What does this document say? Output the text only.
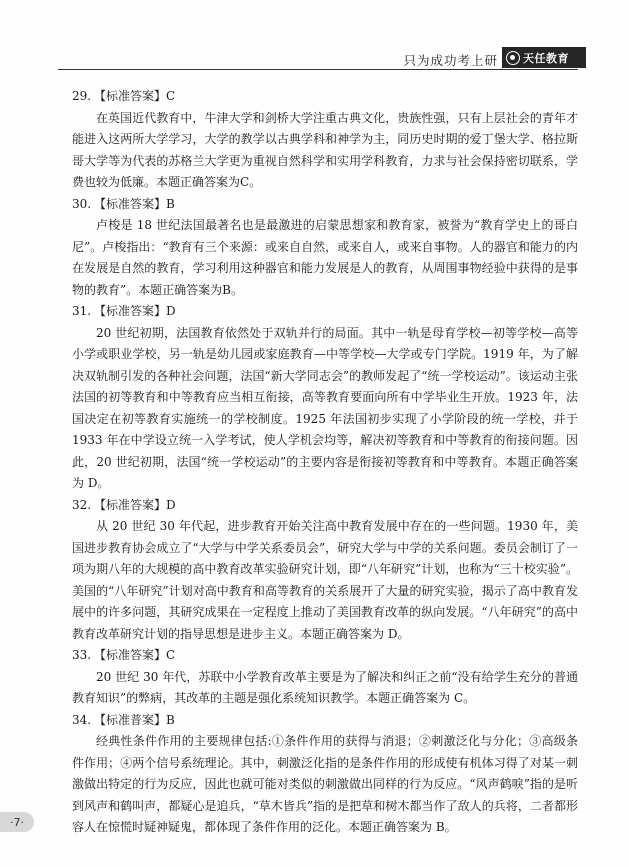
只为成功考上研 天任教育
29. 【标准答案】C

在英国近代教育中，牛津大学和剑桥大学注重古典文化，贵族性强，只有上层社会的青年才能进入这两所大学学习，大学的教学以古典学科和神学为主，同历史时期的爱丁堡大学、格拉斯哥大学等为代表的苏格兰大学更为重视自然科学和实用学科教育，力求与社会保持密切联系，学费也较为低廉。本题正确答案为C。

30. 【标准答案】B

卢梭是 18 世纪法国最著名也是最激进的启蒙思想家和教育家，被誉为“教育学史上的哥白尼”。卢梭指出：“教育有三个来源：或来自自然，或来自人，或来自事物。人的器官和能力的内在发展是自然的教育，学习利用这种器官和能力发展是人的教育，从周围事物经验中获得的是事物的教育”。本题正确答案为B。

31. 【标准答案】D

20 世纪初期，法国教育依然处于双轨并行的局面。其中一轨是母育学校—初等学校—高等小学或职业学校，另一轨是幼儿园或家庭教育—中等学校—大学或专门学院。1919 年，为了解决双轨制引发的各种社会问题，法国“新大学同志会”的教师发起了“统一学校运动”。该运动主张法国的初等教育和中等教育应当相互衔接，高等教育要面向所有中学毕业生开放。1923 年，法国决定在初等教育实施统一的学校制度。1925 年法国初步实现了小学阶段的统一学校，并于 1933 年在中学设立统一入学考试，使人学机会均等，解决初等教育和中等教育的衔接问题。因此，20 世纪初期，法国“统一学校运动”的主要内容是衔接初等教育和中等教育。本题正确答案为 D。

32. 【标准答案】D

从 20 世纪 30 年代起，进步教育开始关注高中教育发展中存在的一些问题。1930 年，美国进步教育协会成立了“大学与中学关系委员会”，研究大学与中学的关系问题。委员会制订了一项为期八年的大规模的高中教育改革实验研究计划，即“八年研究”计划，也称为“三十校实验”。美国的“八年研究”计划对高中教育和高等教育的关系展开了大量的研究实验，揭示了高中教育发展中的许多问题，其研究成果在一定程度上推动了美国教育改革的纵向发展。“八年研究”的高中教育改革研究计划的指导思想是进步主义。本题正确答案为 D。

33. 【标准答案】C

20 世纪 30 年代，苏联中小学教育改革主要是为了解决和纠正之前“没有给学生充分的普通教育知识”的弊病，其改革的主题是强化系统知识教学。本题正确答案为 C。

34. 【标准普案】B

经典性条件作用的主要规律包括:①条件作用的获得与消退；②刺激泛化与分化；③高级条件作用；④两个信号系统理论。其中，刺激泛化指的是条件作用的形成使有机体习得了对某一刺激做出特定的行为反应，因此也就可能对类似的刺激做出同样的行为反应。“风声鹤唳”指的是听到风声和鹤叫声，都疑心是追兵，“草木皆兵”指的是把草和树木都当作了敌人的兵将，二者都形容人在惊慌时疑神疑鬼，都体现了条件作用的泛化。本题正确答案为 B。

·7·
